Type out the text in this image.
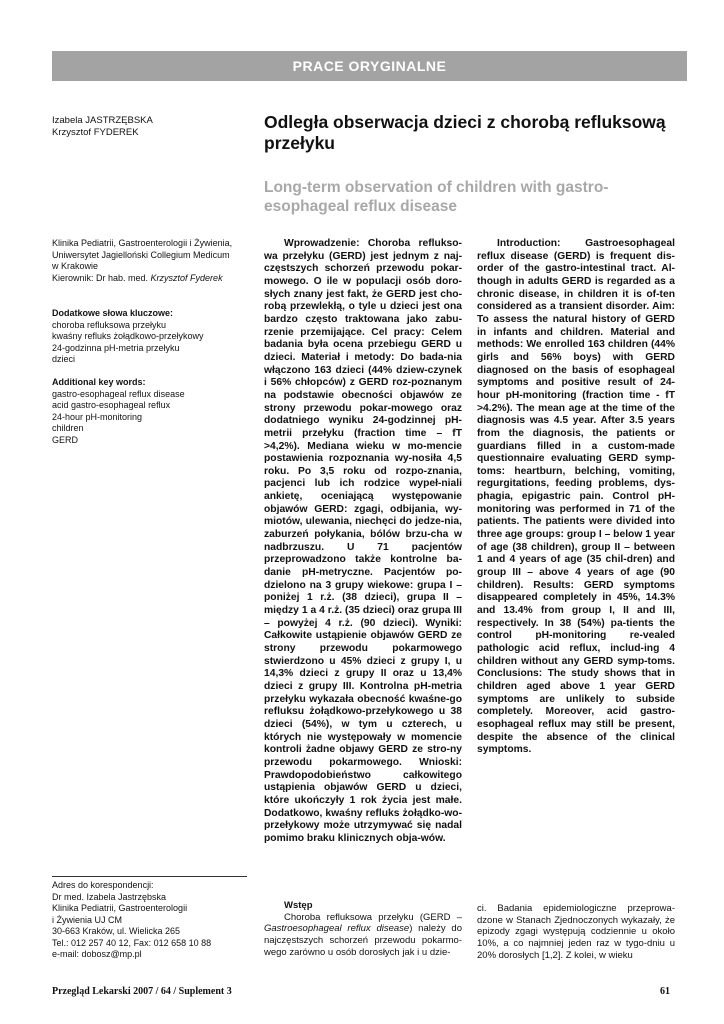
PRACE ORYGINALNE
Izabela JASTRZĘBSKA
Krzysztof FYDEREK	Odległa obserwacja dzieci z chorobą refluksową przełyku
Long-term observation of children with gastro-esophageal reflux disease
Klinika Pediatrii, Gastroenterologii i Żywienia,
Uniwersytet Jagielloński Collegium Medicum
w Krakowie
Kierownik: Dr hab. med. Krzysztof Fyderek
Dodatkowe słowa kluczowe:
choroba refluksowa przełyku
kwaśny refluks żołądkowo-przełykowy
24-godzinna pH-metria przełyku
dzieci
Additional key words:
gastro-esophageal reflux disease
acid gastro-esophageal reflux
24-hour pH-monitoring
children
GERD

Wprowadzenie: Choroba reflukso-wa przełyku (GERD) jest jednym z naj-częstszych schorzeń przewodu pokar-mowego. O ile w populacji osób doro-słych znany jest fakt, że GERD jest cho-robą przewlekłą, o tyle u dzieci jest ona bardzo często traktowana jako zabu-rzenie przemijające. Cel pracy: Celem badania była ocena przebiegu GERD u dzieci. Materiał i metody: Do bada-nia włączono 163 dzieci (44% dziew-czynek i 56% chłopców) z GERD roz-poznanym na podstawie obecności objawów ze strony przewodu pokar-mowego oraz dodatniego wyniku 24-godzinnej pH-metrii przełyku (fraction time – fT >4,2%). Mediana wieku w mo-mencie postawienia rozpoznania wy-nosiła 4,5 roku. Po 3,5 roku od rozpo-znania, pacjenci lub ich rodzice wypeł-niali ankietę, oceniającą występowanie objawów GERD: zgagi, odbijania, wy-miotów, ulewania, niechęci do jedze-nia, zaburzeń połykania, bólów brzu-cha w nadbrzuszu. U 71 pacjentów przeprowadzono także kontrolne ba-danie pH-metryczne. Pacjentów po-dzielono na 3 grupy wiekowe: grupa I – poniżej 1 r.ż. (38 dzieci), grupa II – między 1 a 4 r.ż. (35 dzieci) oraz grupa III – powyżej 4 r.ż. (90 dzieci). Wyniki: Całkowite ustąpienie objawów GERD ze strony przewodu pokarmowego stwierdzono u 45% dzieci z grupy I, u 14,3% dzieci z grupy II oraz u 13,4% dzieci z grupy III. Kontrolna pH-metria przełyku wykazała obecność kwaśne-go refluksu żołądkowo-przełykowego u 38 dzieci (54%), w tym u czterech, u których nie występowały w momencie kontroli żadne objawy GERD ze stro-ny przewodu pokarmowego. Wnioski: Prawdopodobieństwo całkowitego ustąpienia objawów GERD u dzieci, które ukończyły 1 rok życia jest małe. Dodatkowo, kwaśny refluks żołądko-wo-przełykowy może utrzymywać się nadal pomimo braku klinicznych obja-wów.

Introduction: Gastroesophageal reflux disease (GERD) is frequent dis-order of the gastro-intestinal tract. Al-though in adults GERD is regarded as a chronic disease, in children it is of-ten considered as a transient disorder. Aim: To assess the natural history of GERD in infants and children. Material and methods: We enrolled 163 children (44% girls and 56% boys) with GERD diagnosed on the basis of esophageal symptoms and positive result of 24-hour pH-monitoring (fraction time - fT >4.2%). The mean age at the time of the diagnosis was 4.5 year. After 3.5 years from the diagnosis, the patients or guardians filled in a custom-made questionnaire evaluating GERD symp-toms: heartburn, belching, vomiting, regurgitations, feeding problems, dys-phagia, epigastric pain. Control pH-monitoring was performed in 71 of the patients. The patients were divided into three age groups: group I – below 1 year of age (38 children), group II – between 1 and 4 years of age (35 chil-dren) and group III – above 4 years of age (90 children). Results: GERD symptoms disappeared completely in 45%, 14.3% and 13.4% from group I, II and III, respectively. In 38 (54%) pa-tients the control pH-monitoring re-vealed pathologic acid reflux, includ-ing 4 children without any GERD symp-toms. Conclusions: The study shows that in children aged above 1 year GERD symptoms are unlikely to subside completely. Moreover, acid gastro-esophageal reflux may still be present, despite the absence of the clinical symptoms.

Adres do korespondencji:
Dr med. Izabela Jastrzębska
Klinika Pediatrii, Gastroenterologii
i Żywienia UJ CM
30-663 Kraków, ul. Wielicka 265
Tel.: 012 257 40 12, Fax: 012 658 10 88
e-mail: dobosz@mp.pl

Wstęp

Choroba refluksowa przełyku (GERD – Gastroesophageal reflux disease) należy do najczęstszych schorzeń przewodu pokarmo-wego zarówno u osób dorosłych jak i u dzie-

ci. Badania epidemiologiczne przeprowa-dzone w Stanach Zjednoczonych wykazały, że epizody zgagi występują codziennie u około 10%, a co najmniej jeden raz w tygo-dniu u 20% dorosłych [1,2]. Z kolei, w wieku

Przegląd Lekarski 2007 / 64 / Suplement 3	61
